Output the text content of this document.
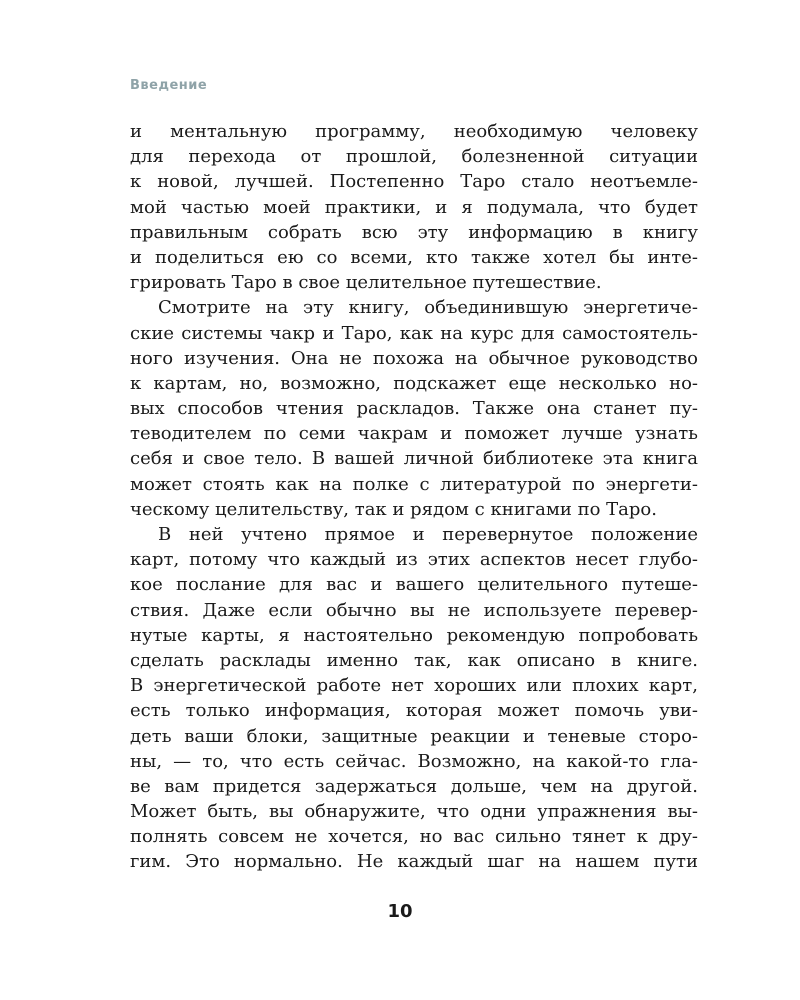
Введение
и ментальную программу, необходимую человеку
для перехода от прошлой, болезненной ситуации
к новой, лучшей. Постепенно Таро стало неотъемле-
мой частью моей практики, и я подумала, что будет
правильным собрать всю эту информацию в книгу
и поделиться ею со всеми, кто также хотел бы инте-
грировать Таро в свое целительное путешествие.
Смотрите на эту книгу, объединившую энергетиче-
ские системы чакр и Таро, как на курс для самостоятель-
ного изучения. Она не похожа на обычное руководство
к картам, но, возможно, подскажет еще несколько но-
вых способов чтения раскладов. Также она станет пу-
теводителем по семи чакрам и поможет лучше узнать
себя и свое тело. В вашей личной библиотеке эта книга
может стоять как на полке с литературой по энергети-
ческому целительству, так и рядом с книгами по Таро.
В ней учтено прямое и перевернутое положение
карт, потому что каждый из этих аспектов несет глубо-
кое послание для вас и вашего целительного путеше-
ствия. Даже если обычно вы не используете перевер-
нутые карты, я настоятельно рекомендую попробовать
сделать расклады именно так, как описано в книге.
В энергетической работе нет хороших или плохих карт,
есть только информация, которая может помочь уви-
деть ваши блоки, защитные реакции и теневые сторо-
ны, — то, что есть сейчас. Возможно, на какой-то гла-
ве вам придется задержаться дольше, чем на другой.
Может быть, вы обнаружите, что одни упражнения вы-
полнять совсем не хочется, но вас сильно тянет к дру-
гим. Это нормально. Не каждый шаг на нашем пути
10
